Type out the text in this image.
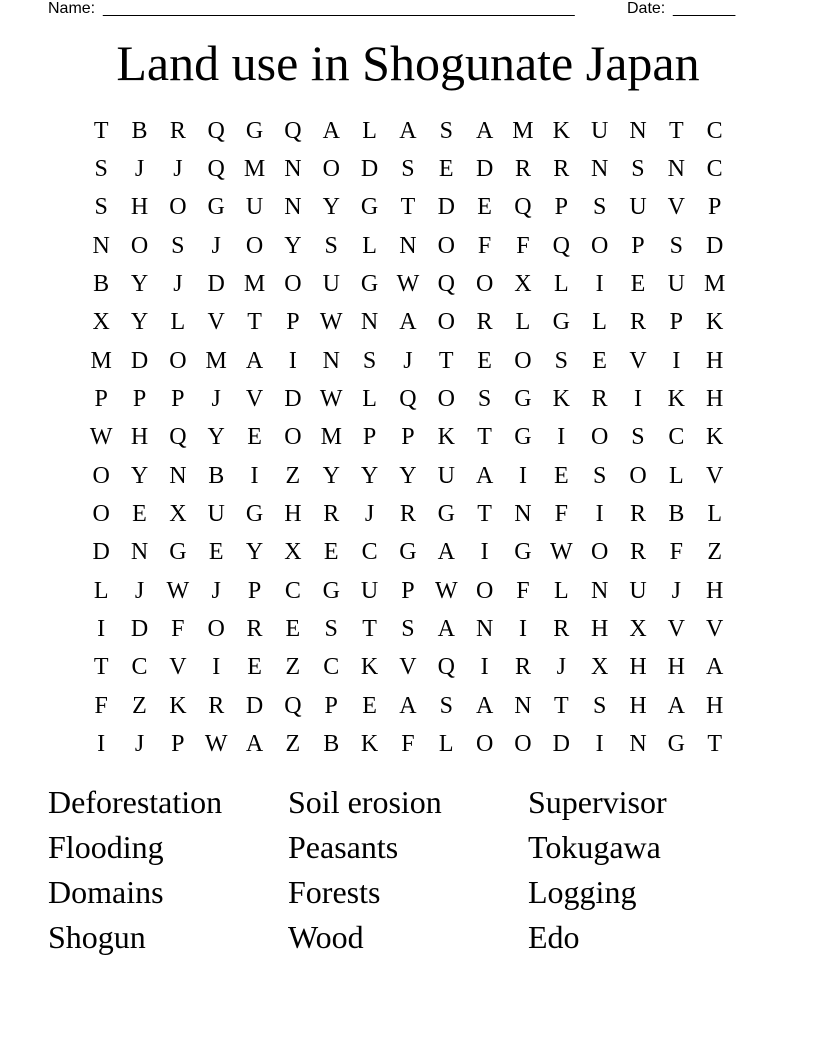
Name: _____________________________________________________	Date: _______
Land use in Shogunate Japan
T B R Q G Q A L A S A M K U N T C
S	J	J	Q M N O D S	E D R R N S N C
S H O G U N Y G T D E Q P	S U V P
N O S	J	O Y S	L N O F	F Q O P	S D
B Y	J	D M O U G W Q O X L	I	E U M
X Y L V T	P W N A O R L G L R P K
M D O M A	I	N S	J	T E O S	E V	I	H
P	P	P	J	V D W L Q O S G K R	I	K H
W H Q Y E O M P	P K T G	I	O S C K
O Y N B	I	Z Y Y Y U A	I	E	S O L V
O E X U G H R	J	R G T N F	I	R B L
D N G E Y X E C G A	I	G W O R F	Z
L	J W J	P C G U P W O F	L N U	J	H
I	D F O R E	S	T	S A N	I	R H X V V
T C V	I	E Z C K V Q	I	R	J	X H H A
F	Z K R D Q P	E A S A N T	S H A H
I	J	P W A Z B K F	L O O D	I	N G T
Deforestation	Soil erosion	Supervisor
Flooding	Peasants	Tokugawa
Domains	Forests	Logging
Shogun	Wood	Edo
